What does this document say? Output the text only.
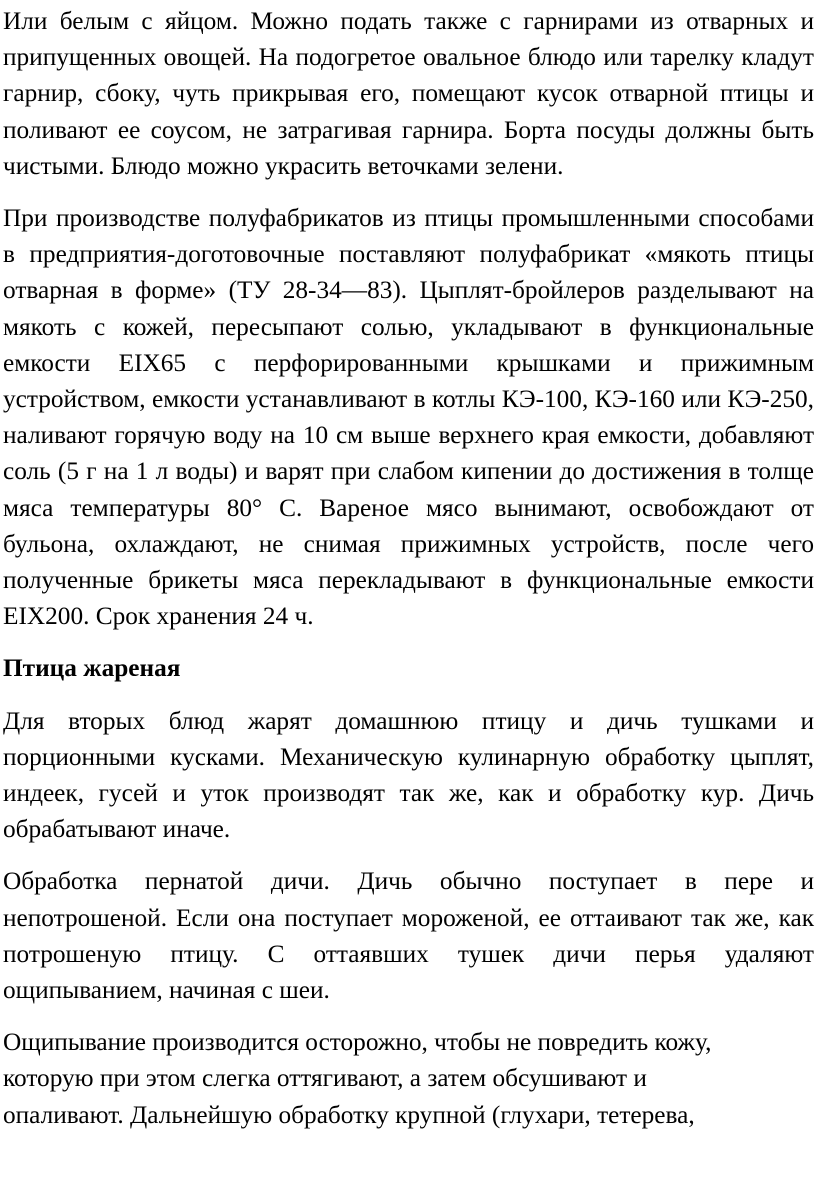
Или белым с яйцом. Можно подать также с гарнирами из отварных и припущенных овощей. На подогретое овальное блюдо или тарелку кладут гарнир, сбоку, чуть прикрывая его, помещают кусок отварной птицы и поливают ее соусом, не затрагивая гарнира. Борта посуды должны быть чистыми. Блюдо можно украсить веточками зелени.

При производстве полуфабрикатов из птицы промышленными способами в предприятия-доготовочные поставляют полуфабрикат «мякоть птицы отварная в форме» (ТУ 28-34—83). Цыплят-бройлеров разделывают на мякоть с кожей, пересыпают солью, укладывают в функциональные емкости EIX65 с перфорированными крышками и прижимным устройством, емкости устанавливают в котлы КЭ-100, КЭ-160 или КЭ-250, наливают горячую воду на 10 см выше верхнего края емкости, добавляют соль (5 г на 1 л воды) и варят при слабом кипении до достижения в толще мяса температуры 80° С. Вареное мясо вынимают, освобождают от бульона, охлаждают, не снимая прижимных устройств, после чего полученные брикеты мяса перекладывают в функциональные емкости EIX200. Срок хранения 24 ч.

Птица жареная

Для вторых блюд жарят домашнюю птицу и дичь тушками и порционными кусками. Механическую кулинарную обработку цыплят, индеек, гусей и уток производят так же, как и обработку кур. Дичь обрабатывают иначе.

Обработка пернатой дичи. Дичь обычно поступает в пере и непотрошеной. Если она поступает мороженой, ее оттаивают так же, как потрошеную птицу. С оттаявших тушек дичи перья удаляют ощипыванием, начиная с шеи.

Ощипывание производится осторожно, чтобы не повредить кожу,
которую при этом слегка оттягивают, а затем обсушивают и
опаливают. Дальнейшую обработку крупной (глухари, тетерева,
